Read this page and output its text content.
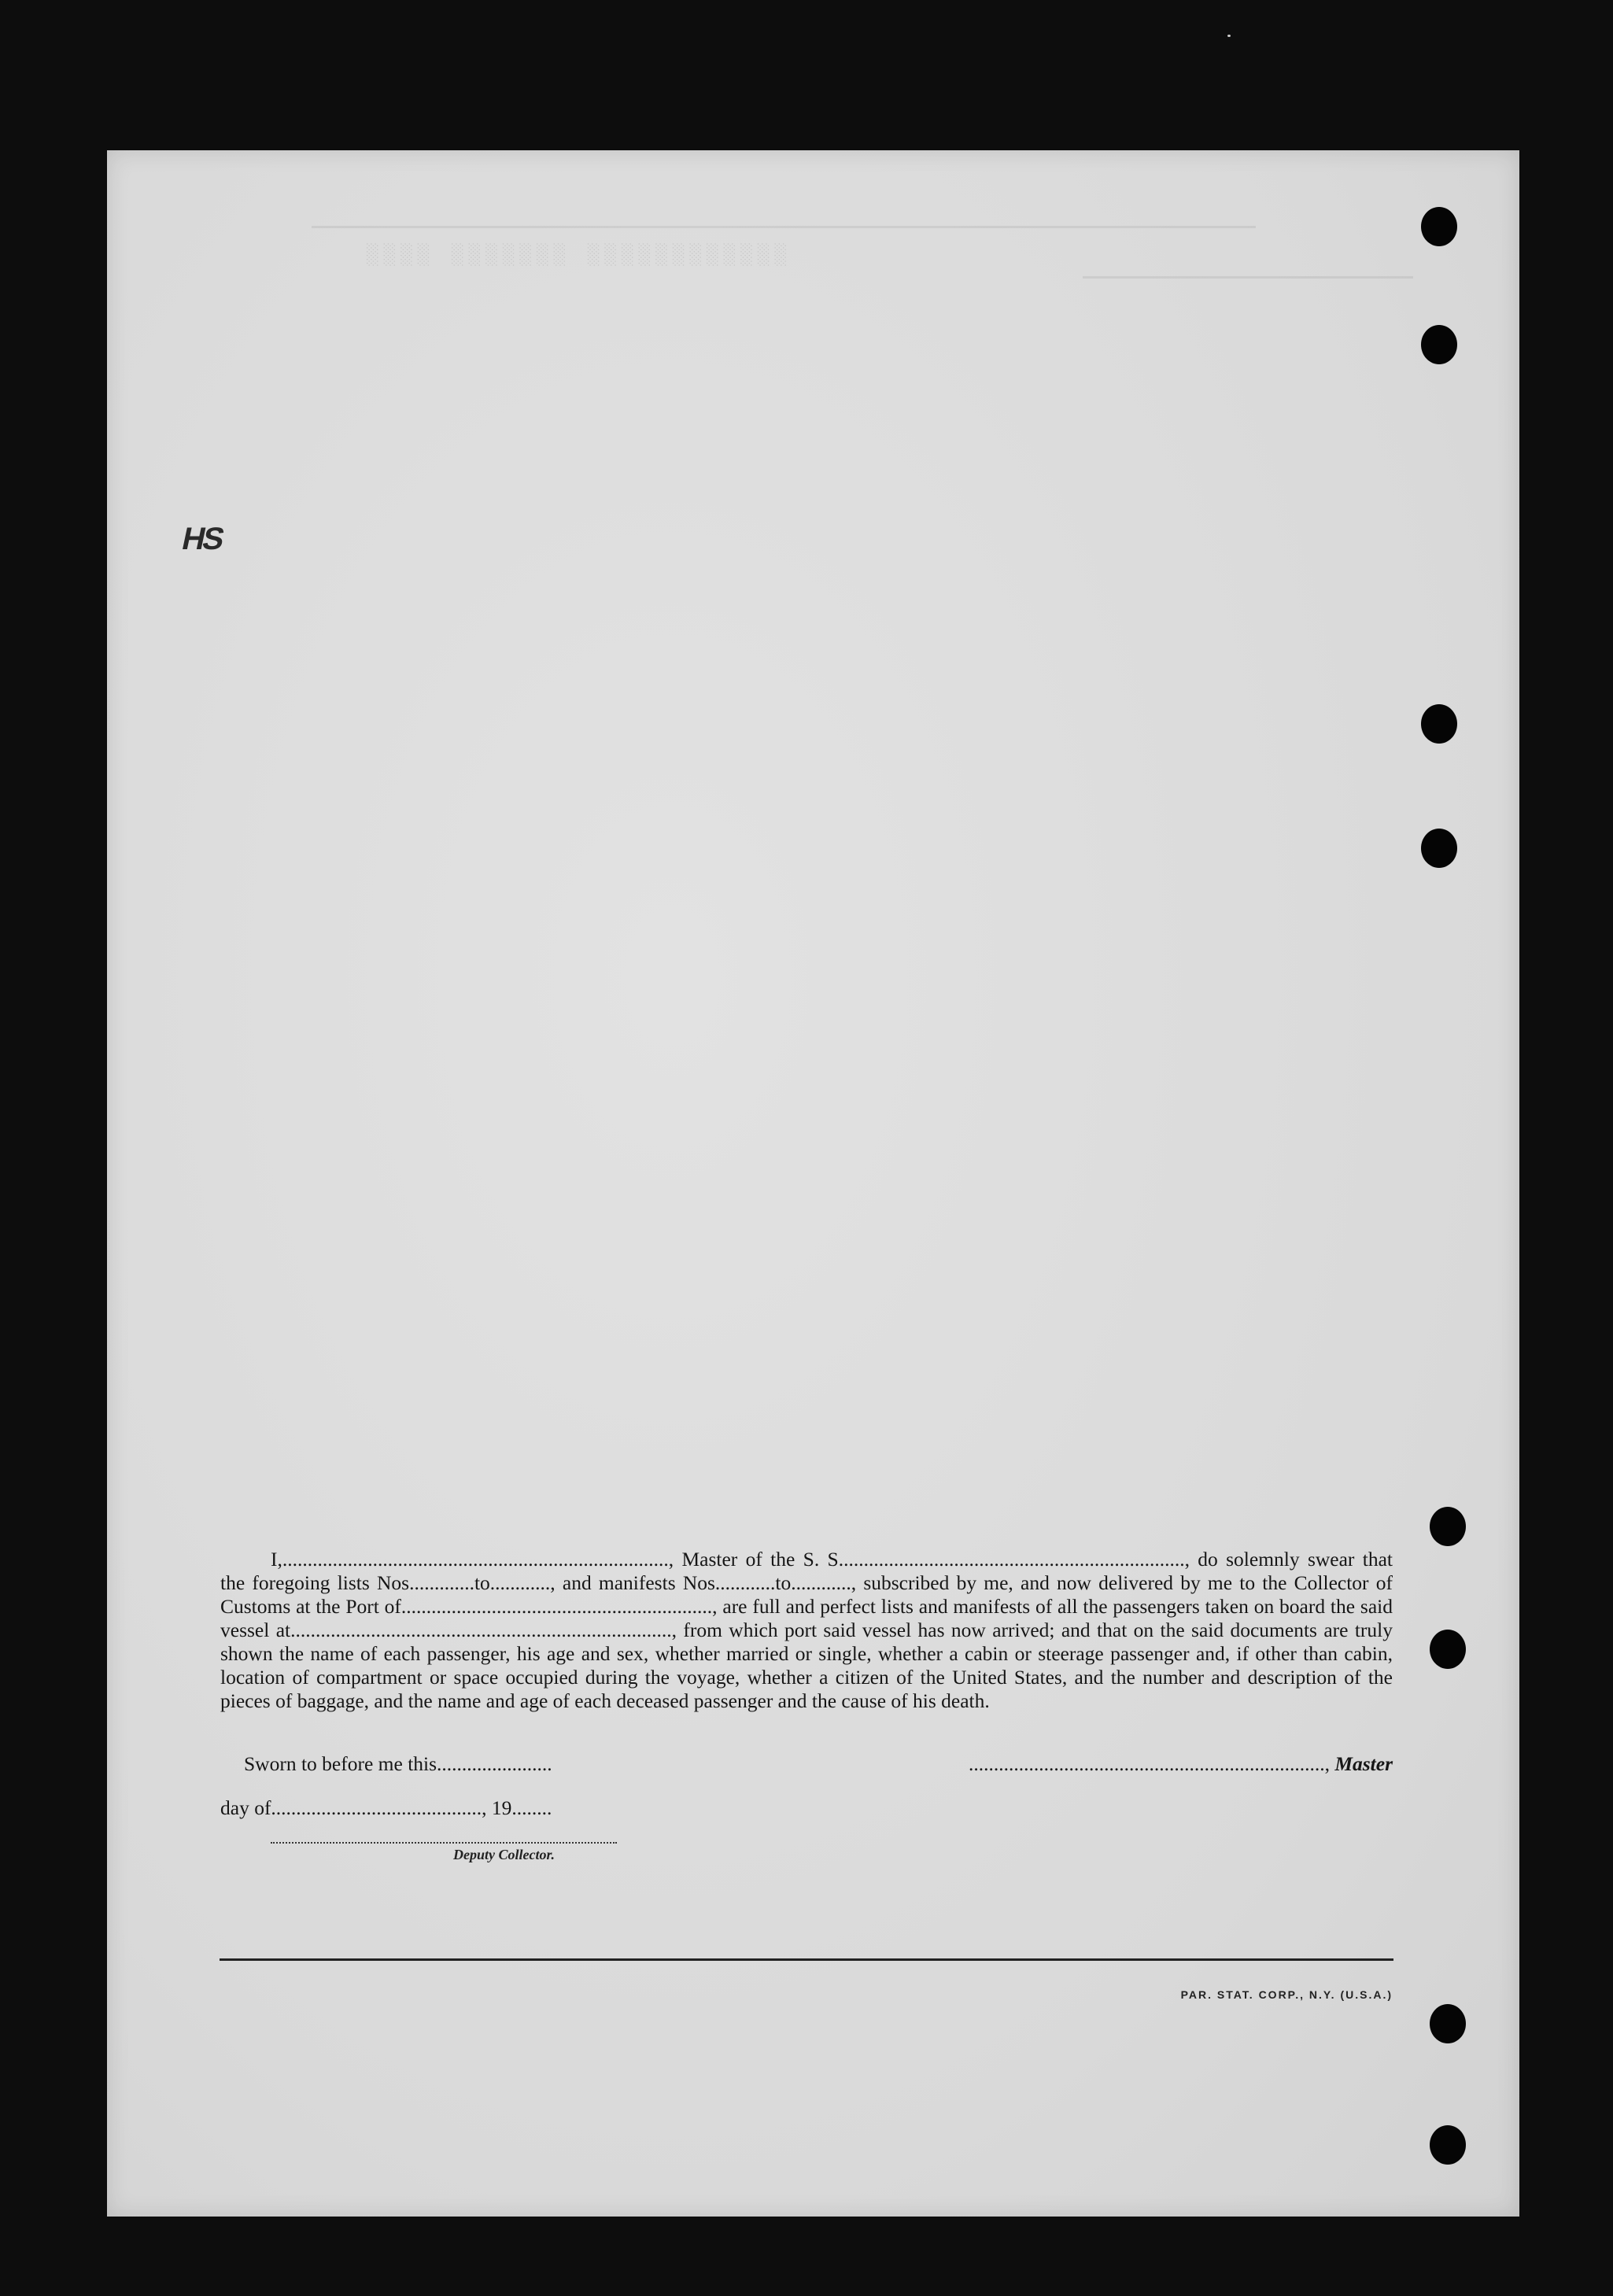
░░░░ ░░░░░░░ ░░░░░░░░░░░░
HS

I,............................................................................., Master of the S. S....................................................................., do solemnly swear that the foregoing lists Nos.............to............, and manifests Nos............to............, subscribed by me, and now delivered by me to the Collector of Customs at the Port of.............................................................., are full and perfect lists and manifests of all the passengers taken on board the said vessel at............................................................................, from which port said vessel has now arrived; and that on the said documents are truly shown the name of each passenger, his age and sex, whether married or single, whether a cabin or steerage passenger and, if other than cabin, location of compartment or space occupied during the voyage, whether a citizen of the United States, and the number and description of the pieces of baggage, and the name and age of each deceased passenger and the cause of his death.

Sworn to before me this.......................	......................................................................., Master
day of.........................................., 19........
Deputy Collector.
PAR. STAT. CORP., N.Y. (U.S.A.)
